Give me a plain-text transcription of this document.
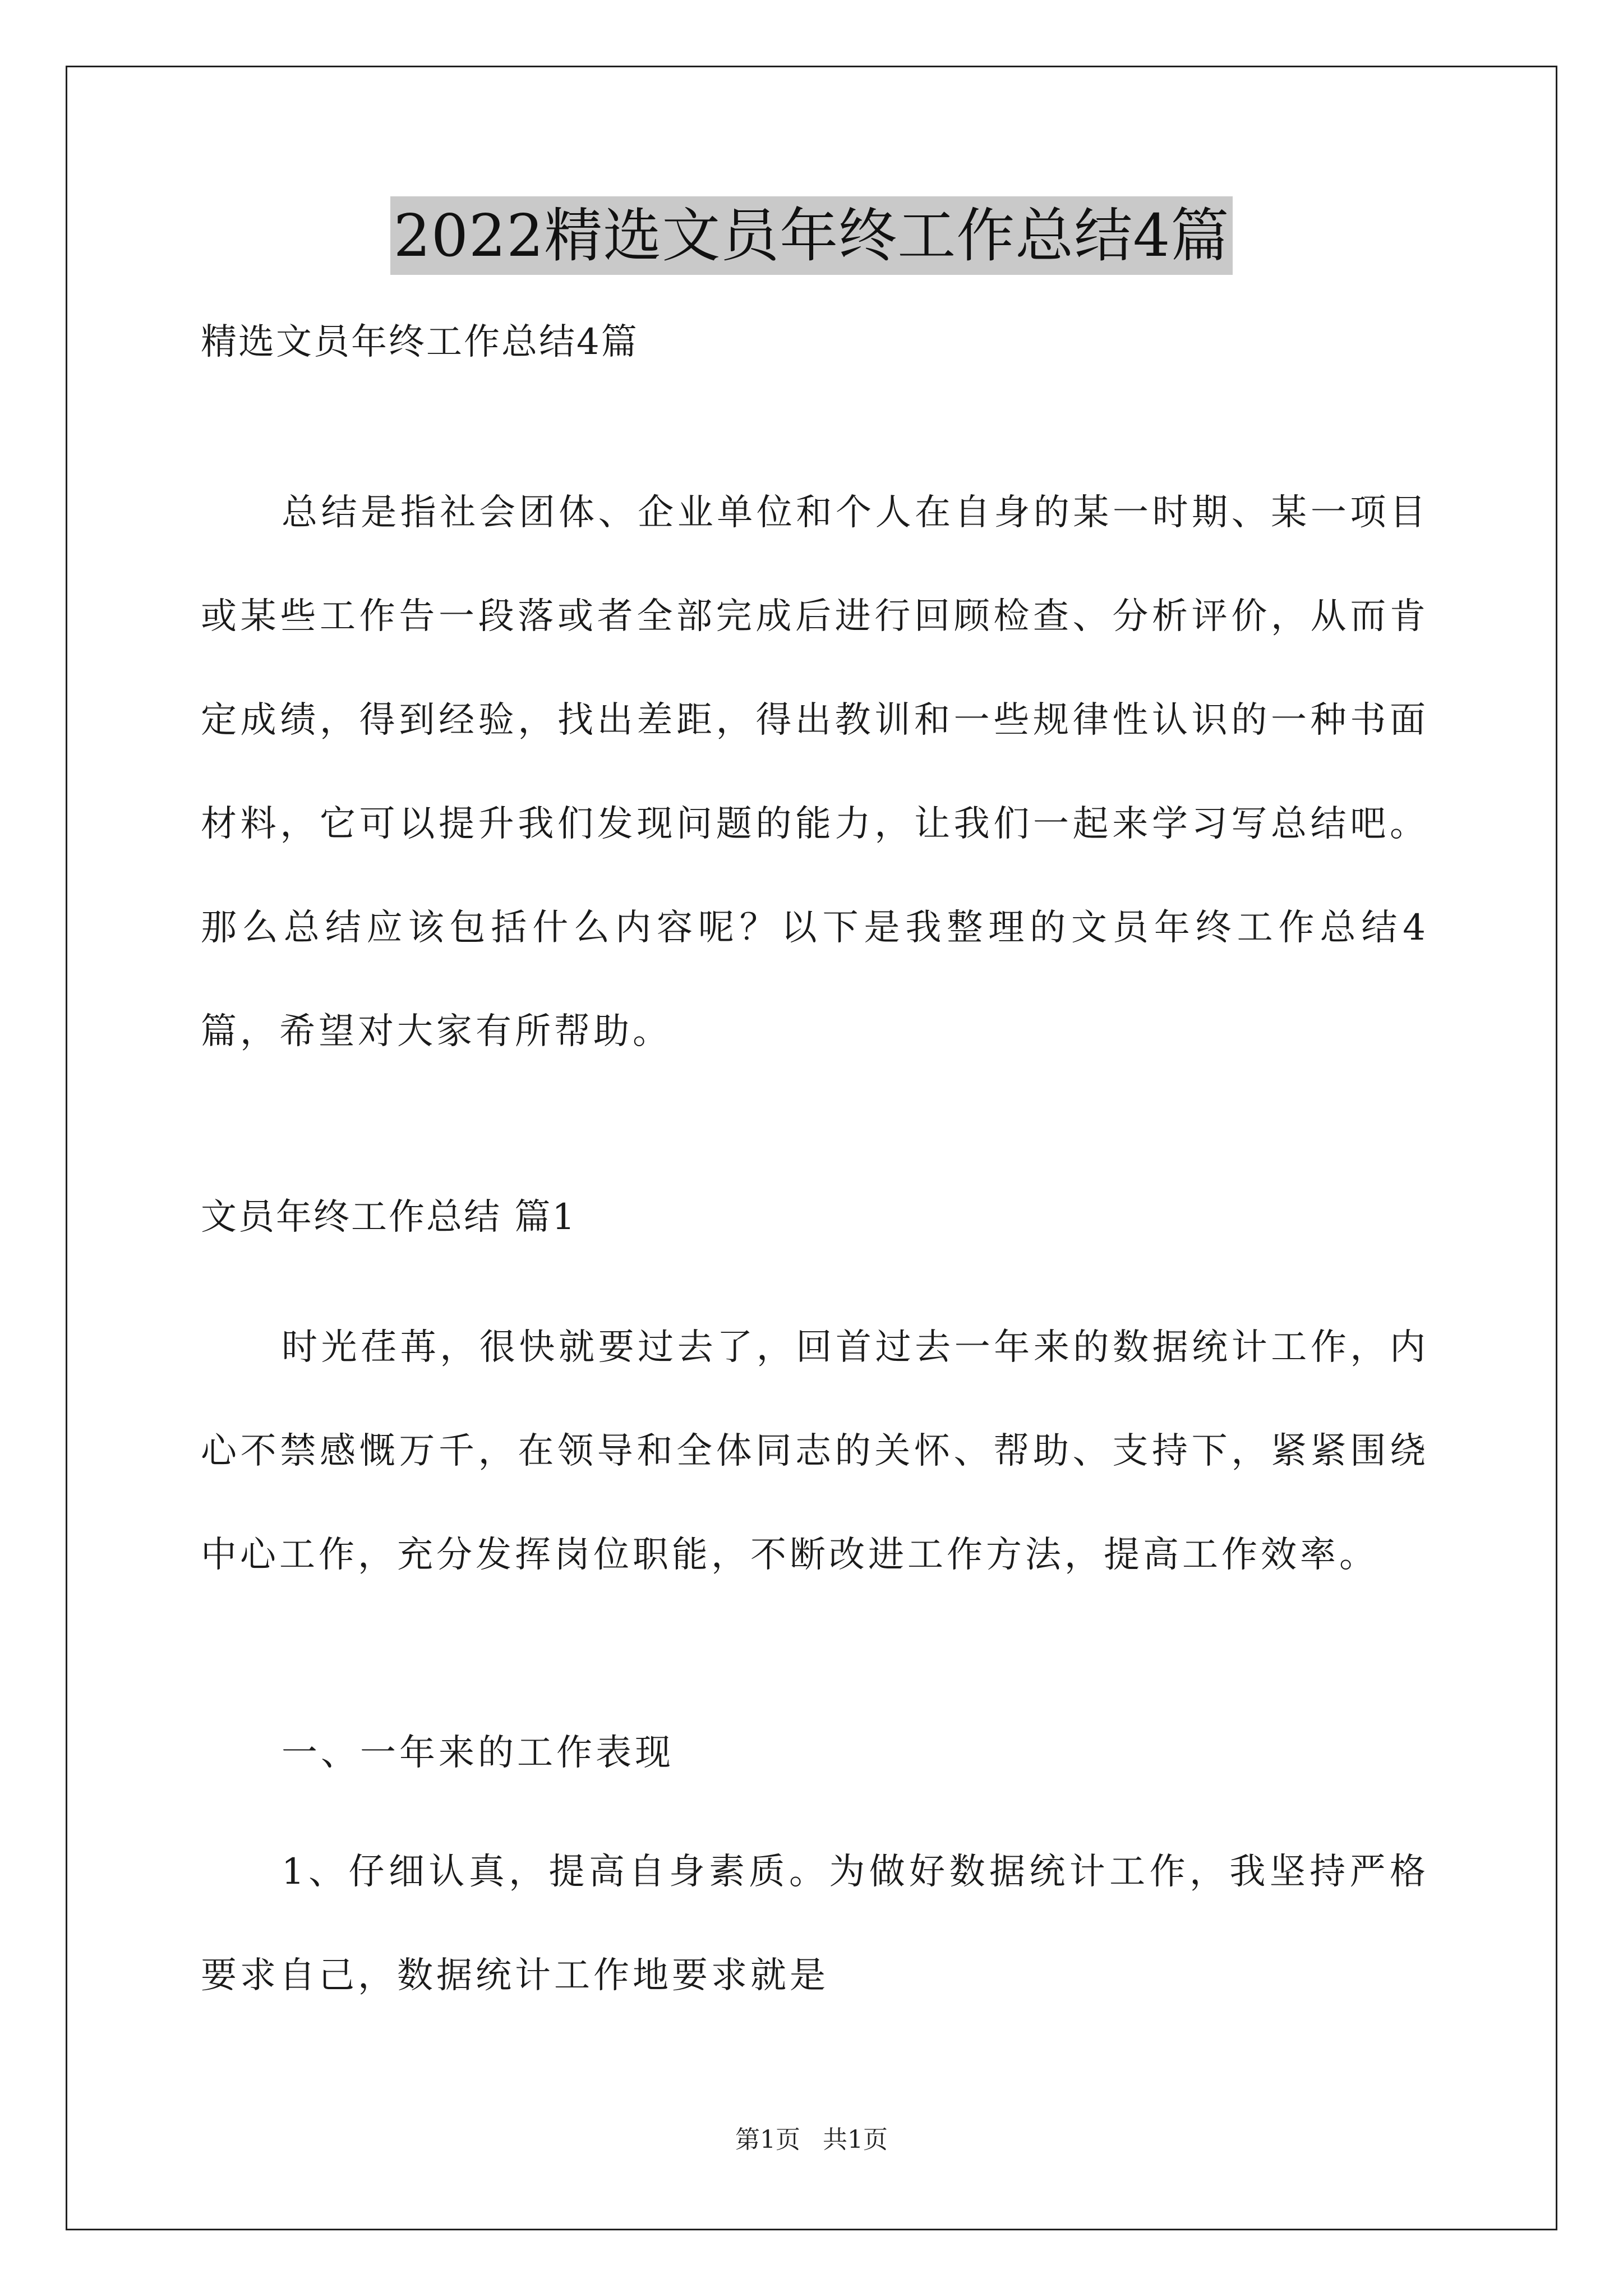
2022精选文员年终工作总结4篇
精选文员年终工作总结4篇

总结是指社会团体、企业单位和个人在自身的某一时期、某一项目或某些工作告一段落或者全部完成后进行回顾检查、分析评价，从而肯定成绩，得到经验，找出差距，得出教训和一些规律性认识的一种书面材料，它可以提升我们发现问题的能力，让我们一起来学习写总结吧。那么总结应该包括什么内容呢？以下是我整理的文员年终工作总结4篇，希望对大家有所帮助。

文员年终工作总结 篇1

时光荏苒，很快就要过去了，回首过去一年来的数据统计工作，内心不禁感慨万千，在领导和全体同志的关怀、帮助、支持下，紧紧围绕中心工作，充分发挥岗位职能，不断改进工作方法，提高工作效率。

一、一年来的工作表现

1、仔细认真，提高自身素质。为做好数据统计工作，我坚持严格要求自己，数据统计工作地要求就是

第1页 共1页
